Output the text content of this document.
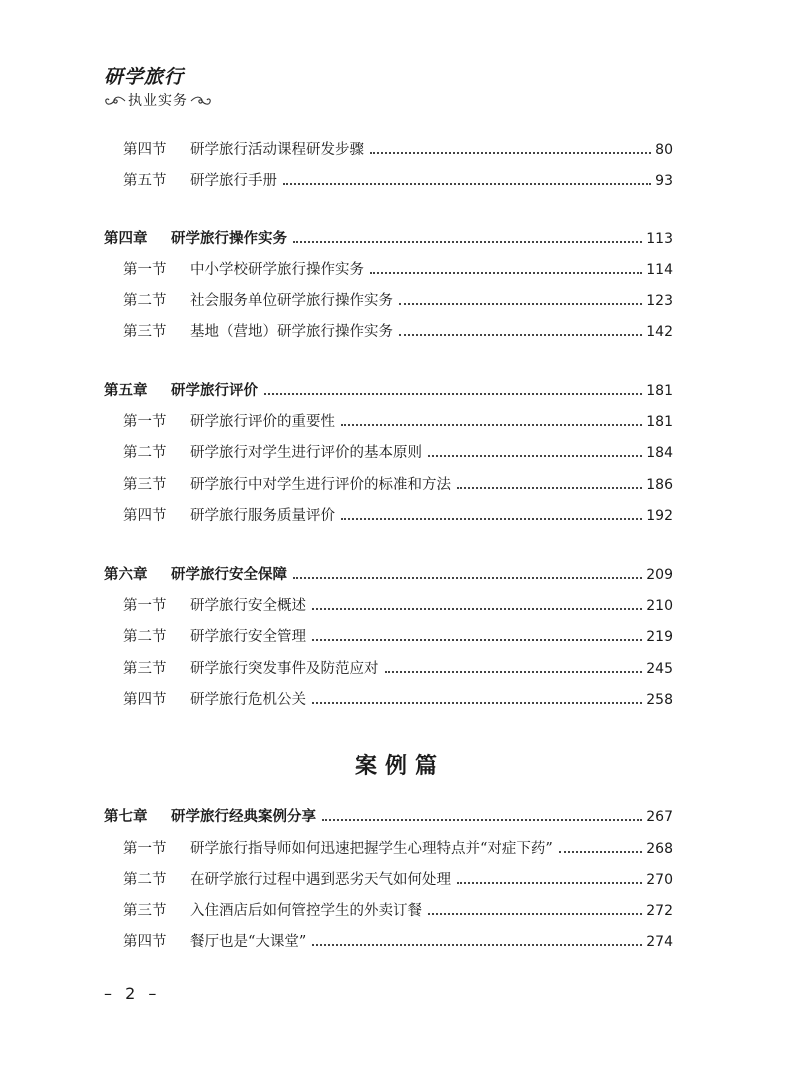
研学旅行
执业实务
第四节	研学旅行活动课程研发步骤	80
第五节	研学旅行手册	93
第四章	研学旅行操作实务	113
第一节	中小学校研学旅行操作实务	114
第二节	社会服务单位研学旅行操作实务	123
第三节	基地（营地）研学旅行操作实务	142
第五章	研学旅行评价	181
第一节	研学旅行评价的重要性	181
第二节	研学旅行对学生进行评价的基本原则	184
第三节	研学旅行中对学生进行评价的标准和方法	186
第四节	研学旅行服务质量评价	192
第六章	研学旅行安全保障	209
第一节	研学旅行安全概述	210
第二节	研学旅行安全管理	219
第三节	研学旅行突发事件及防范应对	245
第四节	研学旅行危机公关	258
第七章	研学旅行经典案例分享	267
第一节	研学旅行指导师如何迅速把握学生心理特点并“对症下药”	268
第二节	在研学旅行过程中遇到恶劣天气如何处理	270
第三节	入住酒店后如何管控学生的外卖订餐	272
第四节	餐厅也是“大课堂”	274
案例篇
– 2 –
